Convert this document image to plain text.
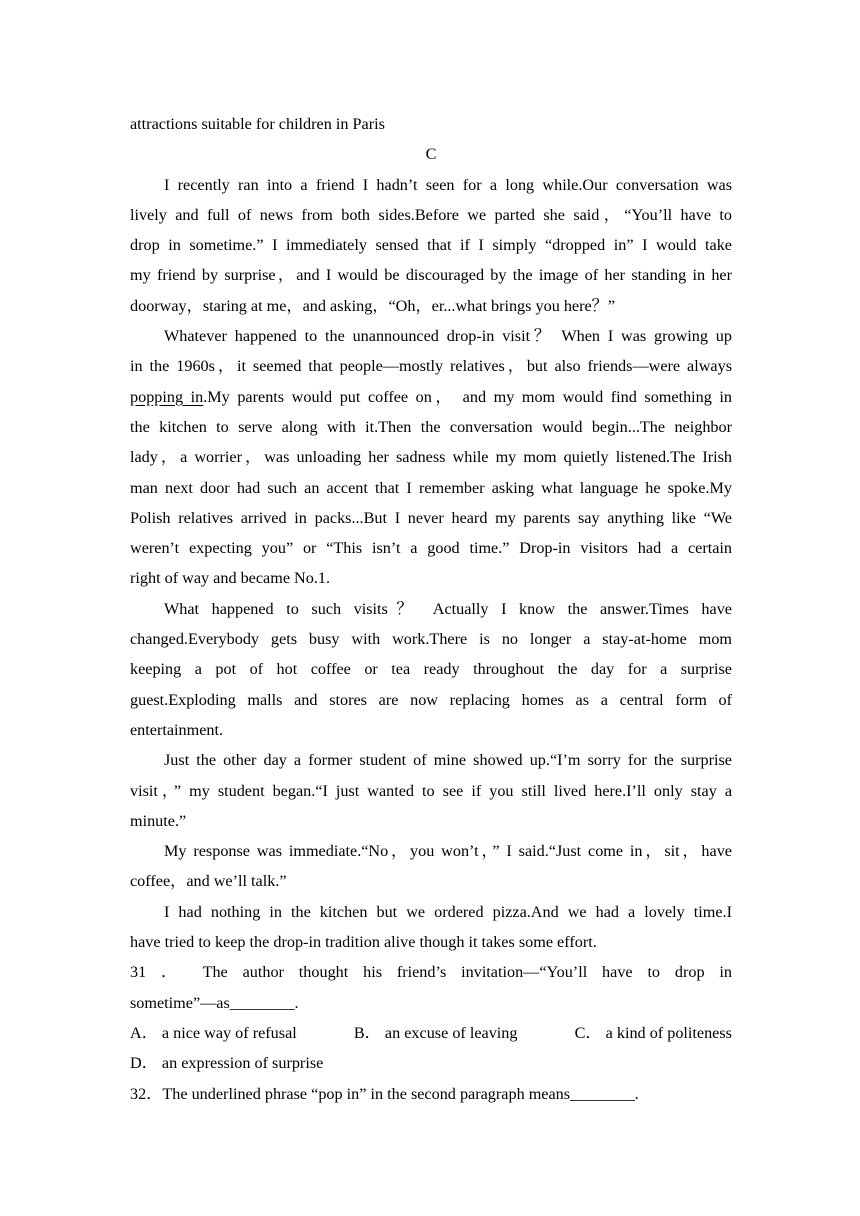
attractions suitable for children in Paris
C
I recently ran into a friend I hadn’t seen for a long while.Our conversation was
lively and full of news from both sides.Before we parted she said，“You’ll have to
drop in sometime.” I immediately sensed that if I simply “dropped in” I would take
my friend by surprise，and I would be discouraged by the image of her standing in her
doorway，staring at me，and asking，“Oh，er...what brings you here？”
Whatever happened to the unannounced drop-in visit？ When I was growing up
in the 1960s，it seemed that people—mostly relatives，but also friends—were always
popping in.My parents would put coffee on， and my mom would find something in
the kitchen to serve along with it.Then the conversation would begin...The neighbor
lady，a worrier，was unloading her sadness while my mom quietly listened.The Irish
man next door had such an accent that I remember asking what language he spoke.My
Polish relatives arrived in packs...But I never heard my parents say anything like “We
weren’t expecting you” or “This isn’t a good time.” Drop-in visitors had a certain
right of way and became No.1.
What happened to such visits？ Actually I know the answer.Times have
changed.Everybody gets busy with work.There is no longer a stay-at-home mom
keeping a pot of hot coffee or tea ready throughout the day for a surprise
guest.Exploding malls and stores are now replacing homes as a central form of
entertainment.
Just the other day a former student of mine showed up.“I’m sorry for the surprise
visit，” my student began.“I just wanted to see if you still lived here.I’ll only stay a
minute.”
My response was immediate.“No，you won’t，” I said.“Just come in，sit，have
coffee，and we’ll talk.”
I had nothing in the kitchen but we ordered pizza.And we had a lovely time.I
have tried to keep the drop-in tradition alive though it takes some effort.
31 ． The author thought his friend’s invitation—“You’ll have to drop in
sometime”—as________.
A． a nice way of refusal	B． an excuse of leaving	C． a kind of politeness
D． an expression of surprise
32．The underlined phrase “pop in” in the second paragraph means________.
